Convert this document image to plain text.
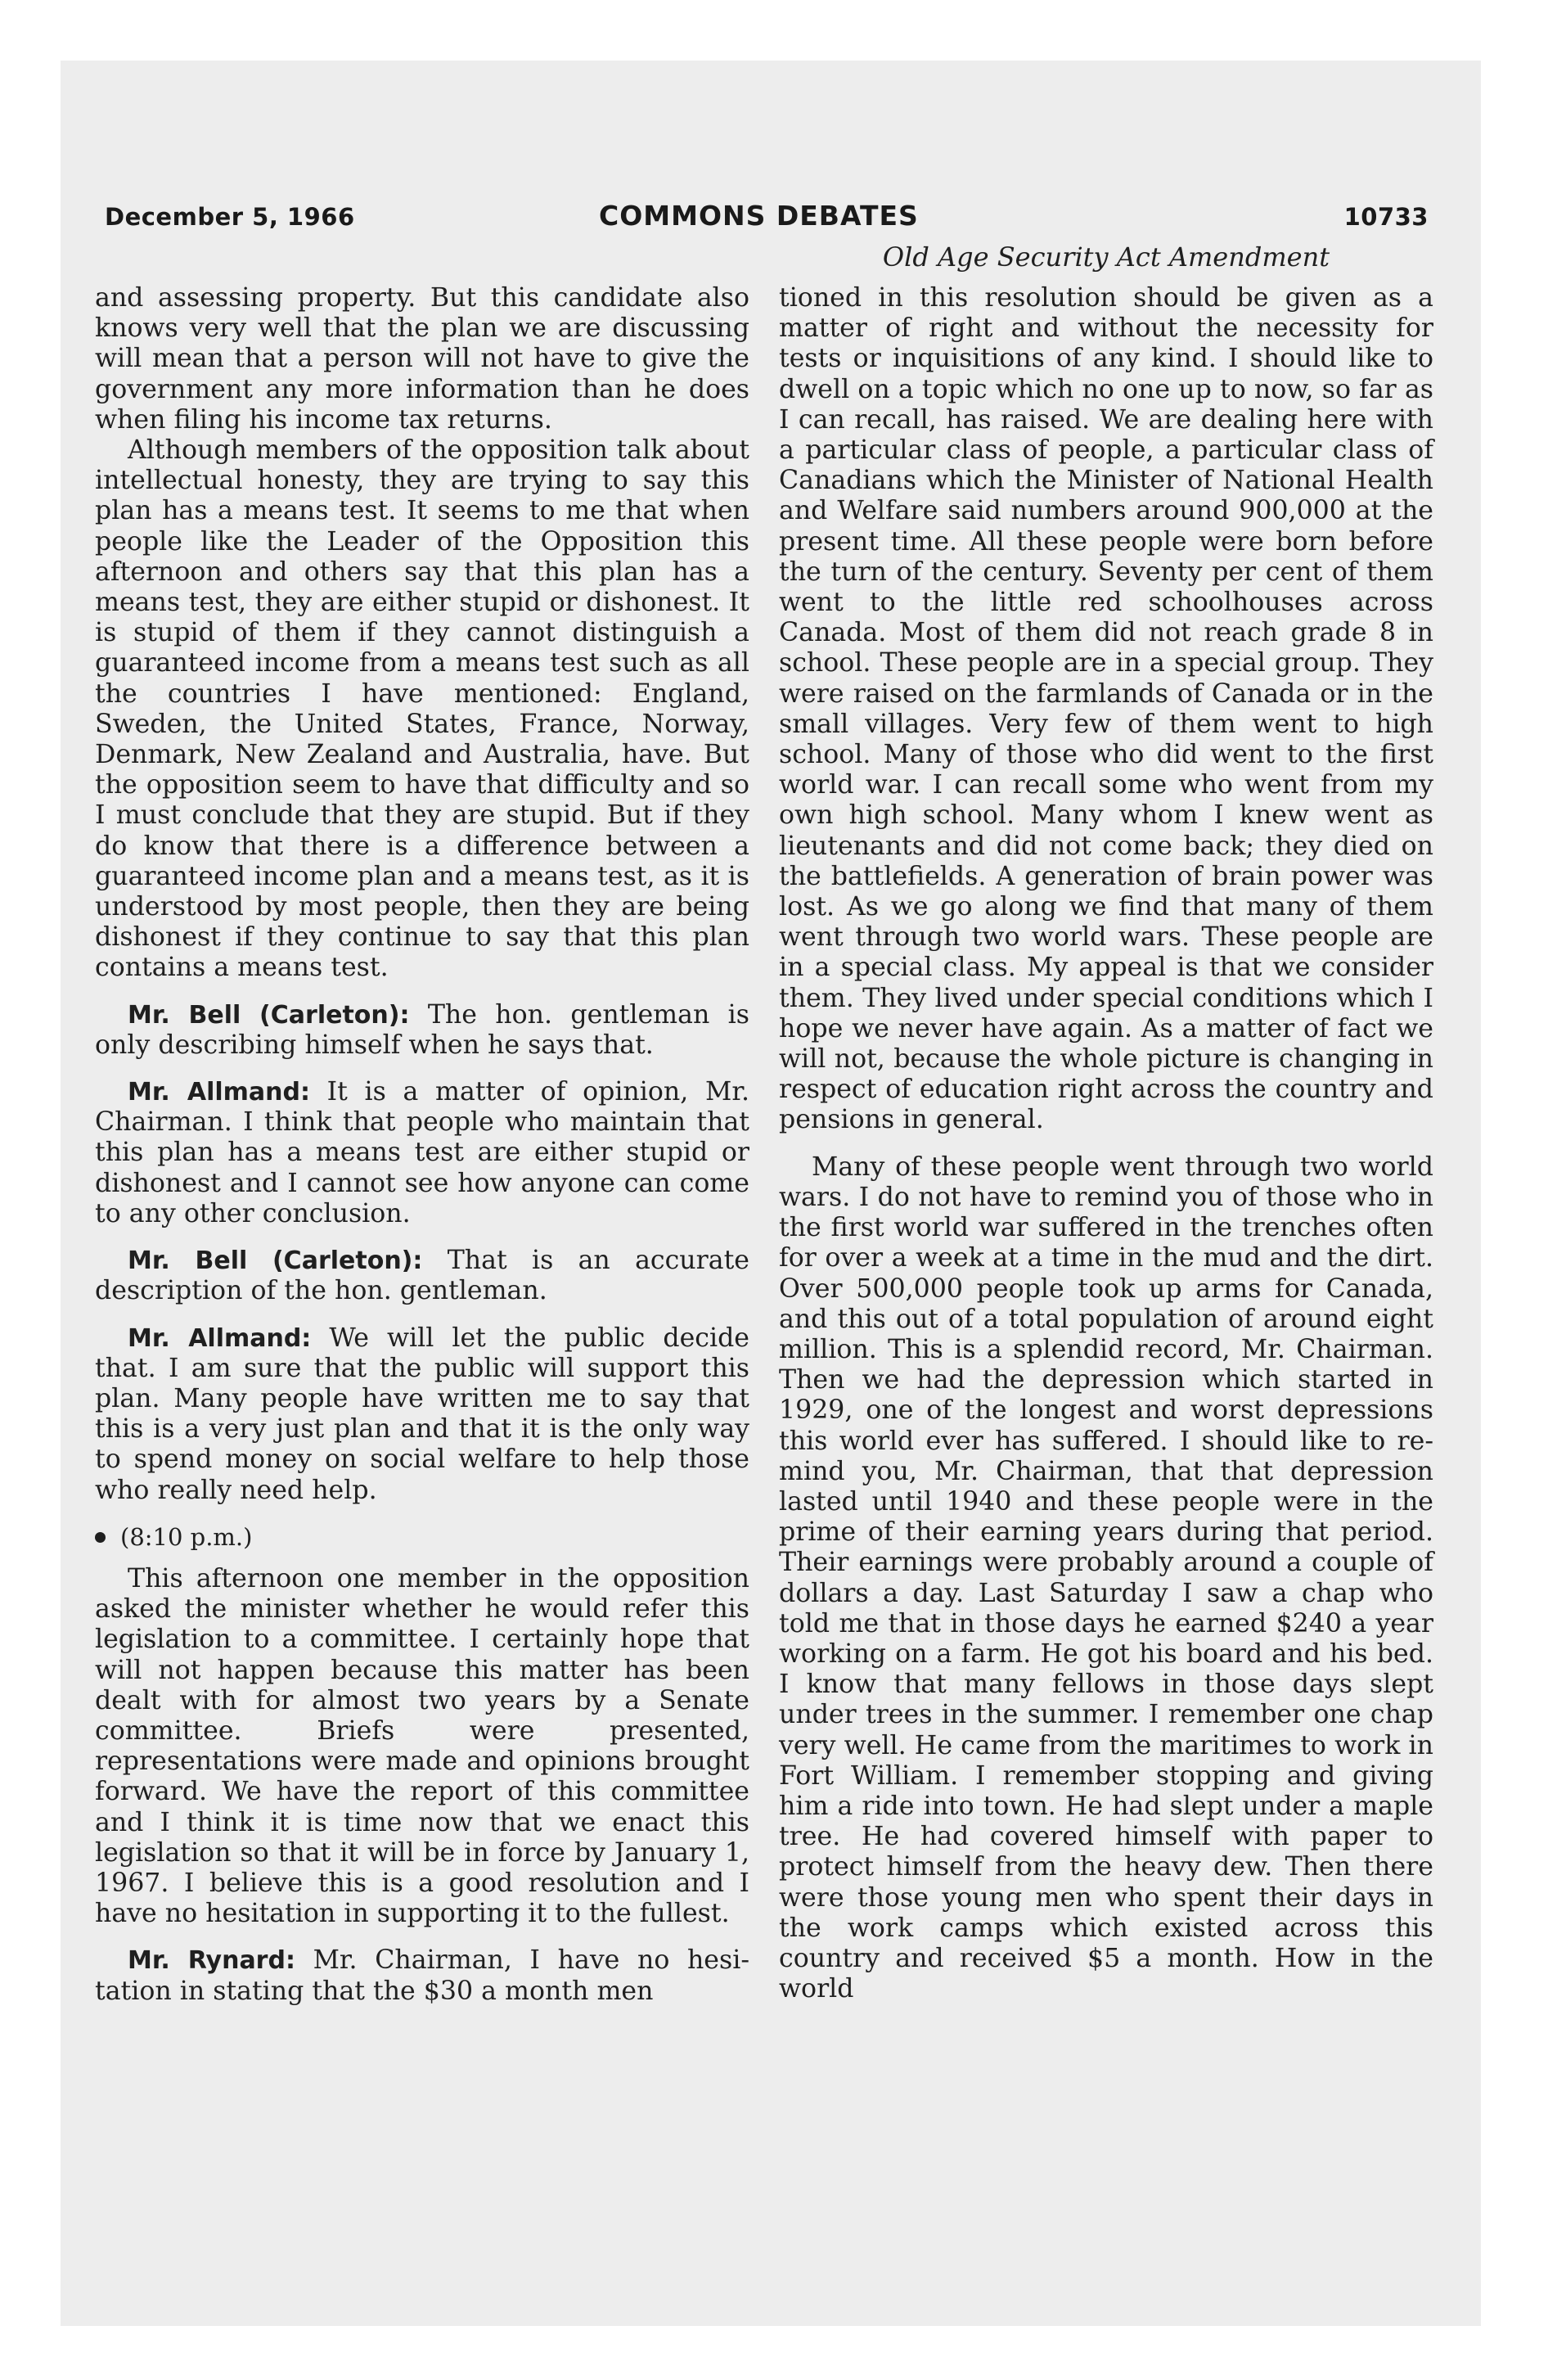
December 5, 1966	COMMONS DEBATES	10733
Old Age Security Act Amendment

and assessing property. But this candidate also knows very well that the plan we are discussing will mean that a person will not have to give the government any more information than he does when filing his income tax returns.

Although members of the opposition talk about intellectual honesty, they are trying to say this plan has a means test. It seems to me that when people like the Leader of the Opposition this afternoon and others say that this plan has a means test, they are either stupid or dishonest. It is stupid of them if they cannot distinguish a guaranteed income from a means test such as all the countries I have mentioned: England, Sweden, the United States, France, Norway, Denmark, New Zealand and Australia, have. But the opposition seem to have that difficulty and so I must conclude that they are stupid. But if they do know that there is a difference between a guaranteed income plan and a means test, as it is understood by most people, then they are being dishonest if they continue to say that this plan contains a means test.

Mr. Bell (Carleton): The hon. gentleman is only describing himself when he says that.

Mr. Allmand: It is a matter of opinion, Mr. Chairman. I think that people who maintain that this plan has a means test are either stupid or dishonest and I cannot see how anyone can come to any other conclusion.

Mr. Bell (Carleton): That is an accurate description of the hon. gentleman.

Mr. Allmand: We will let the public decide that. I am sure that the public will support this plan. Many people have written me to say that this is a very just plan and that it is the only way to spend money on social welfare to help those who really need help.

(8:10 p.m.)

This afternoon one member in the opposition asked the minister whether he would refer this legislation to a committee. I certainly hope that will not happen because this matter has been dealt with for almost two years by a Senate committee. Briefs were presented, representations were made and opinions brought forward. We have the report of this committee and I think it is time now that we enact this legislation so that it will be in force by January 1, 1967. I believe this is a good resolution and I have no hesitation in supporting it to the fullest.

Mr. Rynard: Mr. Chairman, I have no hesitation in stating that the $30 a month men

tioned in this resolution should be given as a matter of right and without the necessity for tests or inquisitions of any kind. I should like to dwell on a topic which no one up to now, so far as I can recall, has raised. We are dealing here with a particular class of people, a particular class of Canadians which the Minister of National Health and Welfare said numbers around 900,000 at the present time. All these people were born before the turn of the century. Seventy per cent of them went to the little red schoolhouses across Canada. Most of them did not reach grade 8 in school. These people are in a special group. They were raised on the farmlands of Canada or in the small villages. Very few of them went to high school. Many of those who did went to the first world war. I can recall some who went from my own high school. Many whom I knew went as lieutenants and did not come back; they died on the battlefields. A generation of brain power was lost. As we go along we find that many of them went through two world wars. These people are in a special class. My appeal is that we consider them. They lived under special conditions which I hope we never have again. As a matter of fact we will not, because the whole picture is changing in respect of education right across the country and pensions in general.

Many of these people went through two world wars. I do not have to remind you of those who in the first world war suffered in the trenches often for over a week at a time in the mud and the dirt. Over 500,000 people took up arms for Canada, and this out of a total population of around eight million. This is a splendid record, Mr. Chairman. Then we had the depression which started in 1929, one of the longest and worst depressions this world ever has suffered. I should like to remind you, Mr. Chairman, that that depression lasted until 1940 and these people were in the prime of their earning years during that period. Their earnings were probably around a couple of dollars a day. Last Saturday I saw a chap who told me that in those days he earned $240 a year working on a farm. He got his board and his bed. I know that many fellows in those days slept under trees in the summer. I remember one chap very well. He came from the maritimes to work in Fort William. I remember stopping and giving him a ride into town. He had slept under a maple tree. He had covered himself with paper to protect himself from the heavy dew. Then there were those young men who spent their days in the work camps which existed across this country and received $5 a month. How in the world
